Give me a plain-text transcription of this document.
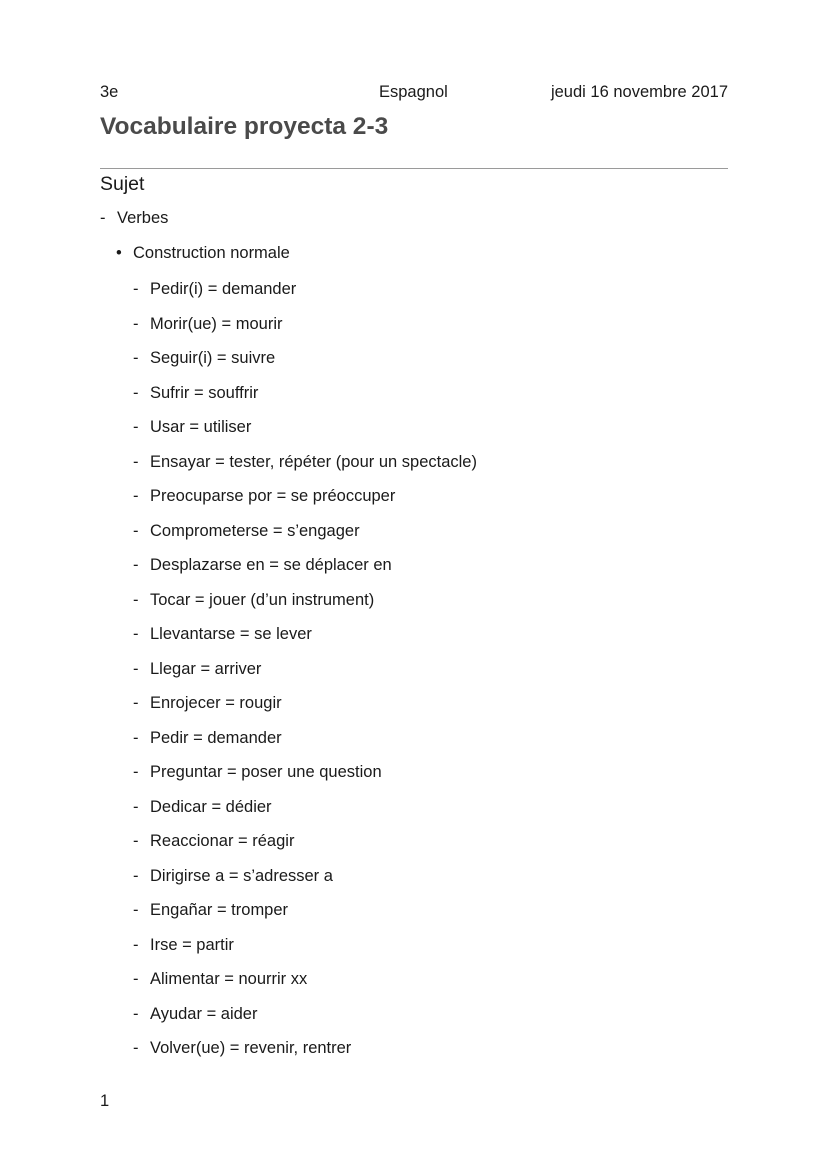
3e	Espagnol	jeudi 16 novembre 2017
Vocabulaire proyecta 2-3
Sujet
- Verbes
• Construction normale
- Pedir(i) = demander
- Morir(ue) = mourir
- Seguir(i) = suivre
- Sufrir = souffrir
- Usar = utiliser
- Ensayar = tester, répéter (pour un spectacle)
- Preocuparse por = se préoccuper
- Comprometerse = s’engager
- Desplazarse en = se déplacer en
- Tocar = jouer (d’un instrument)
- Llevantarse = se lever
- Llegar = arriver
- Enrojecer = rougir
- Pedir = demander
- Preguntar = poser une question
- Dedicar = dédier
- Reaccionar = réagir
- Dirigirse a = s’adresser a
- Engañar = tromper
- Irse = partir
- Alimentar = nourrir xx
- Ayudar = aider
- Volver(ue) = revenir, rentrer
1
